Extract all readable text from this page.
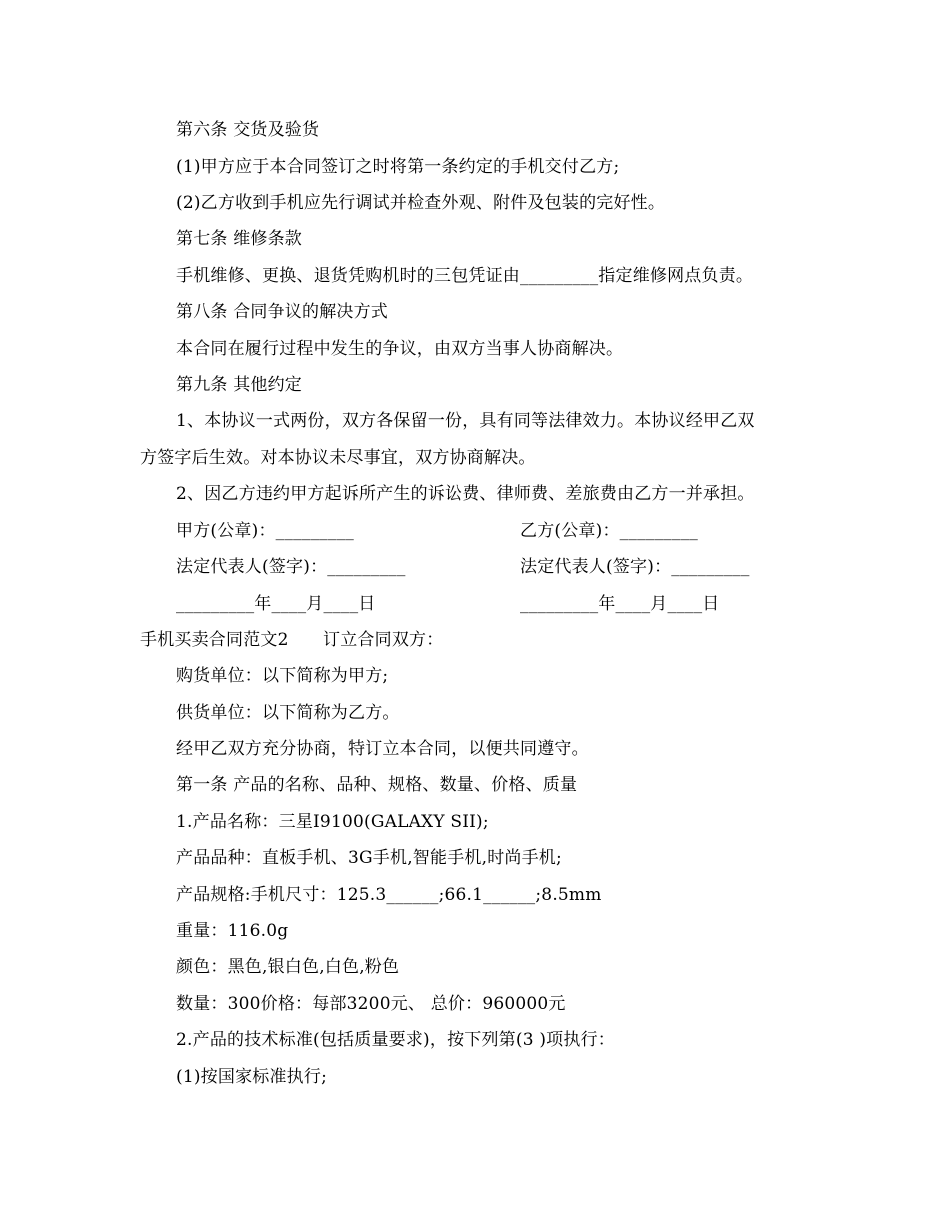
第六条 交货及验货
(1)甲方应于本合同签订之时将第一条约定的手机交付乙方;
(2)乙方收到手机应先行调试并检查外观、附件及包装的完好性。
第七条 维修条款
手机维修、更换、退货凭购机时的三包凭证由_________指定维修网点负责。
第八条 合同争议的解决方式
本合同在履行过程中发生的争议，由双方当事人协商解决。
第九条 其他约定
1、本协议一式两份，双方各保留一份，具有同等法律效力。本协议经甲乙双
方签字后生效。对本协议未尽事宜，双方协商解决。
2、因乙方违约甲方起诉所产生的诉讼费、律师费、差旅费由乙方一并承担。
甲方(公章)：_________	乙方(公章)：_________
法定代表人(签字)：_________	法定代表人(签字)：_________
_________年____月____日	_________年____月____日
手机买卖合同范文2　　订立合同双方：
购货单位：以下简称为甲方;
供货单位：以下简称为乙方。
经甲乙双方充分协商，特订立本合同，以便共同遵守。
第一条 产品的名称、品种、规格、数量、价格、质量
1.产品名称：三星I9100(GALAXY SII);
产品品种：直板手机、3G手机,智能手机,时尚手机;
产品规格:手机尺寸：125.3______;66.1______;8.5mm
重量：116.0g
颜色：黑色,银白色,白色,粉色
数量：300价格：每部3200元、 总价：960000元
2.产品的技术标准(包括质量要求)，按下列第(3 )项执行：
(1)按国家标准执行;
